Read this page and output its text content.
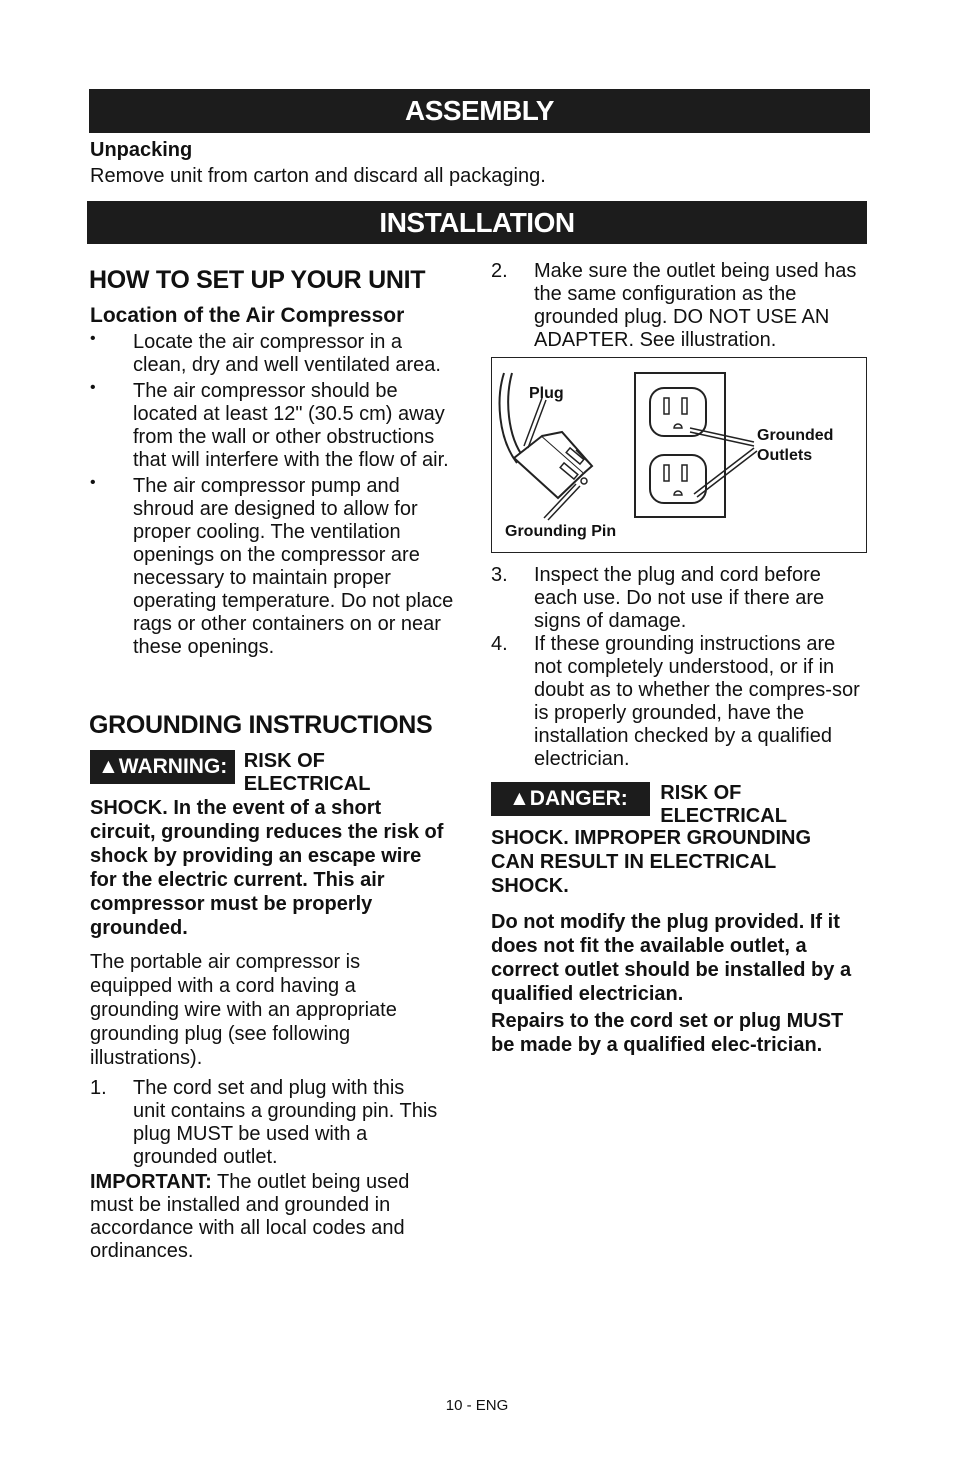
ASSEMBLY
Unpacking
Remove unit from carton and discard all packaging.
INSTALLATION
HOW TO SET UP YOUR UNIT
Location of the Air Compressor
• Locate the air compressor in a clean, dry and well ventilated area.
• The air compressor should be located at least 12" (30.5 cm) away from the wall or other obstructions that will interfere with the flow of air.
• The air compressor pump and shroud are designed to allow for proper cooling. The ventilation openings on the compressor are necessary to maintain proper operating temperature. Do not place rags or other containers on or near these openings.
GROUNDING INSTRUCTIONS
▲WARNING: RISK OF ELECTRICAL
SHOCK. In the event of a short circuit, grounding reduces the risk of shock by providing an escape wire for the electric current. This air compressor must be properly grounded.
The portable air compressor is equipped with a cord having a grounding wire with an appropriate grounding plug (see following illustrations).
1. The cord set and plug with this unit contains a grounding pin. This plug MUST be used with a grounded outlet.
IMPORTANT: The outlet being used must be installed and grounded in accordance with all local codes and ordinances.
2. Make sure the outlet being used has the same configuration as the grounded plug. DO NOT USE AN ADAPTER. See illustration.
Plug
Grounding Pin
Grounded
Outlets
3. Inspect the plug and cord before each use. Do not use if there are signs of damage.
4. If these grounding instructions are not completely understood, or if in doubt as to whether the compres-sor is properly grounded, have the installation checked by a qualified electrician.
▲DANGER: RISK OF ELECTRICAL
SHOCK. IMPROPER GROUNDING CAN RESULT IN ELECTRICAL SHOCK.
Do not modify the plug provided. If it does not fit the available outlet, a correct outlet should be installed by a qualified electrician.
Repairs to the cord set or plug MUST be made by a qualified elec-trician.
10 - ENG
